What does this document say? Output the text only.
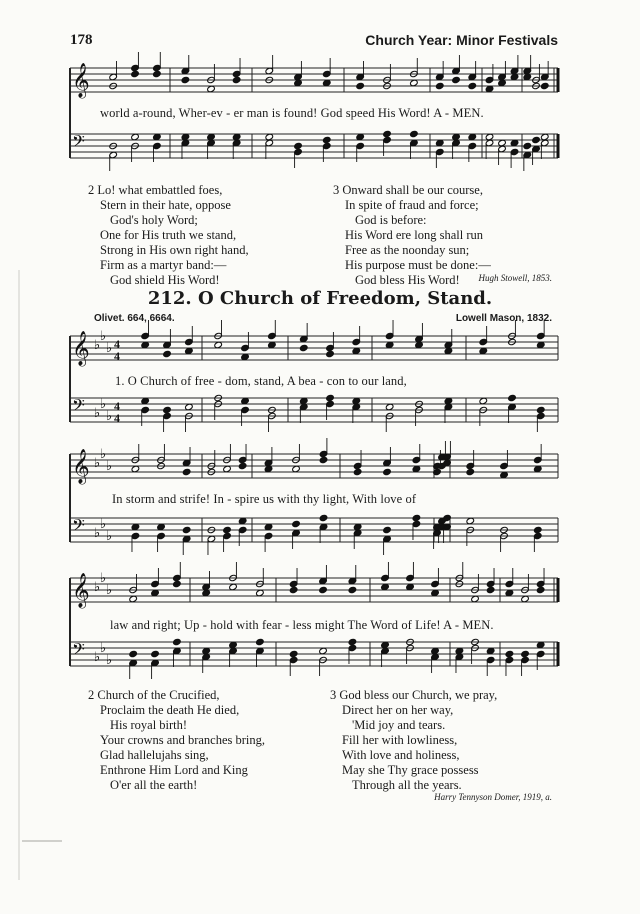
178	Church Year: Minor Festivals
𝄞
world a-round, Wher-ev - er man is found! God speed His Word! A - MEN.
𝄢
2 Lo! what embattled foes,
Stern in their hate, oppose
God's holy Word;
One for His truth we stand,
Strong in His own right hand,
Firm as a martyr band:—
God shield His Word!
3 Onward shall be our course,
In spite of fraud and force;
God is before:
His Word ere long shall run
Free as the noonday sun;
His purpose must be done:—
God bless His Word!	Hugh Stowell, 1853.
212. O Church of Freedom, Stand.
Olivet. 664, 6664.	Lowell Mason, 1832.
𝄞 ♭
♭
♭ 4
4
1. O Church of free - dom, stand, A bea - con to our land,
𝄢 ♭
♭
♭
4
4
𝄞 ♭
♭
♭
In storm and strife! In - spire us with thy light, With love of
𝄢 ♭
♭
♭
𝄞 ♭
♭
♭
law and right; Up - hold with fear - less might The Word of Life! A - MEN.
𝄢 ♭
♭
♭
2 Church of the Crucified,
Proclaim the death He died,
His royal birth!
Your crowns and branches bring,
Glad hallelujahs sing,
Enthrone Him Lord and King
O'er all the earth!
3 God bless our Church, we pray,
Direct her on her way,
'Mid joy and tears.
Fill her with lowliness,
With love and holiness,
May she Thy grace possess
Through all the years.
Harry Tennyson Domer, 1919, a.
